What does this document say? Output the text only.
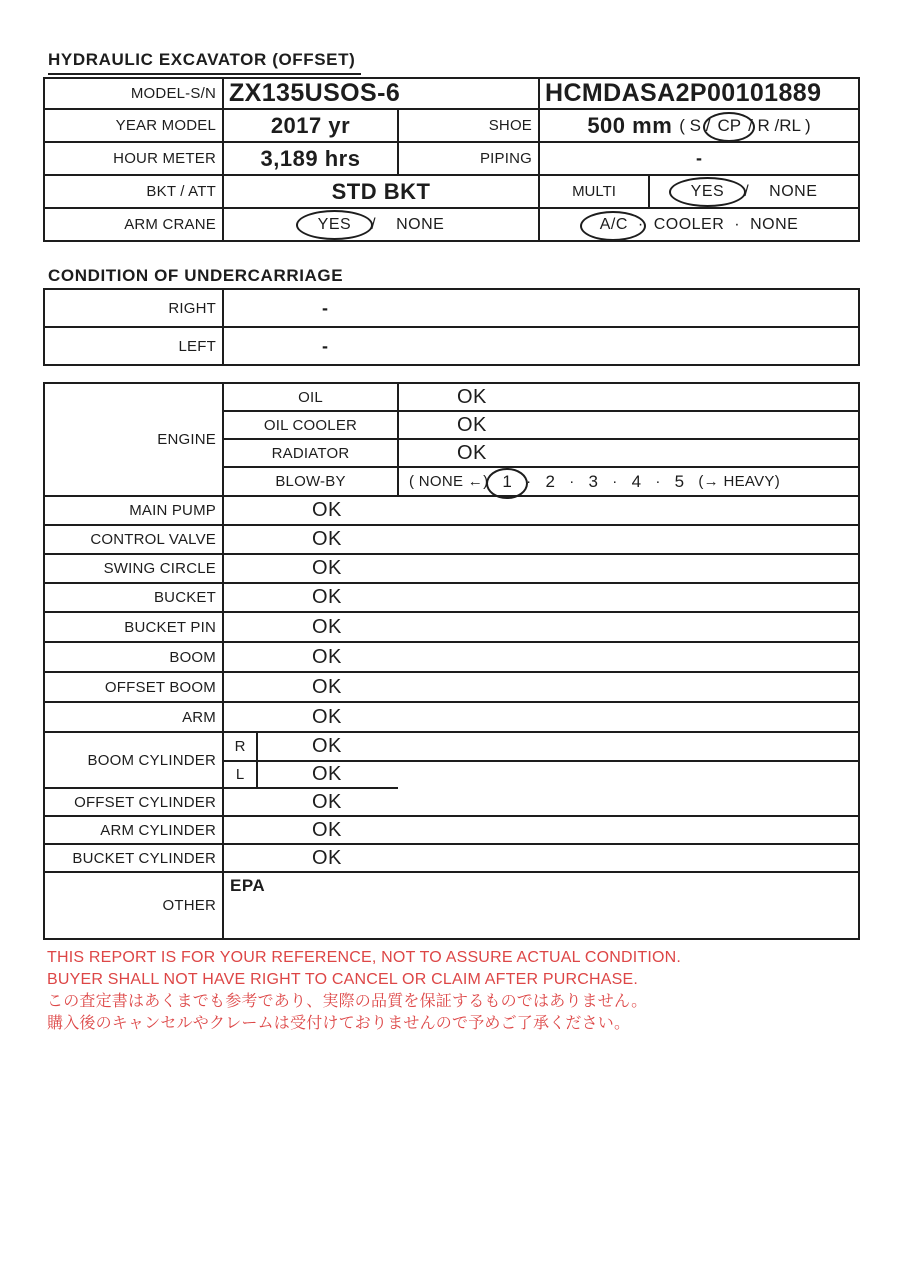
HYDRAULIC EXCAVATOR (OFFSET)
MODEL-S/N	ZX135USOS-6		HCMDASA2P00101889	
YEAR MODEL	2017 yr	SHOE	500 mm ( S / CP / R /RL )	

HOUR METER	3,189 hrs	PIPING	-	
BKT / ATT	STD BKT		MULTI	YES / NONE

ARM CRANE	YES / NONE		A/C · COOLER · NONE	
CONDITION OF UNDERCARRIAGE
RIGHT	-
LEFT	-
ENGINE	OIL		OK
	OIL COOLER		OK
	RADIATOR		OK
BLOW-BY	( NONE ←) 1 · 2 · 3 · 4 · 5 (→ HEAVY)

MAIN PUMP	OK		
CONTROL VALVE	OK		
SWING CIRCLE	OK		
BUCKET	OK		
BUCKET PIN	OK		
BOOM	OK		
OFFSET BOOM	OK		
ARM	OK		
BOOM CYLINDER	R	OK	
	L	OK	
OFFSET CYLINDER	OK		
ARM CYLINDER	OK		
BUCKET CYLINDER	OK		
OTHER	EPA		
THIS REPORT IS FOR YOUR REFERENCE, NOT TO ASSURE ACTUAL CONDITION.
BUYER SHALL NOT HAVE RIGHT TO CANCEL OR CLAIM AFTER PURCHASE.
この査定書はあくまでも参考であり、実際の品質を保証するものではありません。
購入後のキャンセルやクレームは受付けておりませんので予めご了承ください。
